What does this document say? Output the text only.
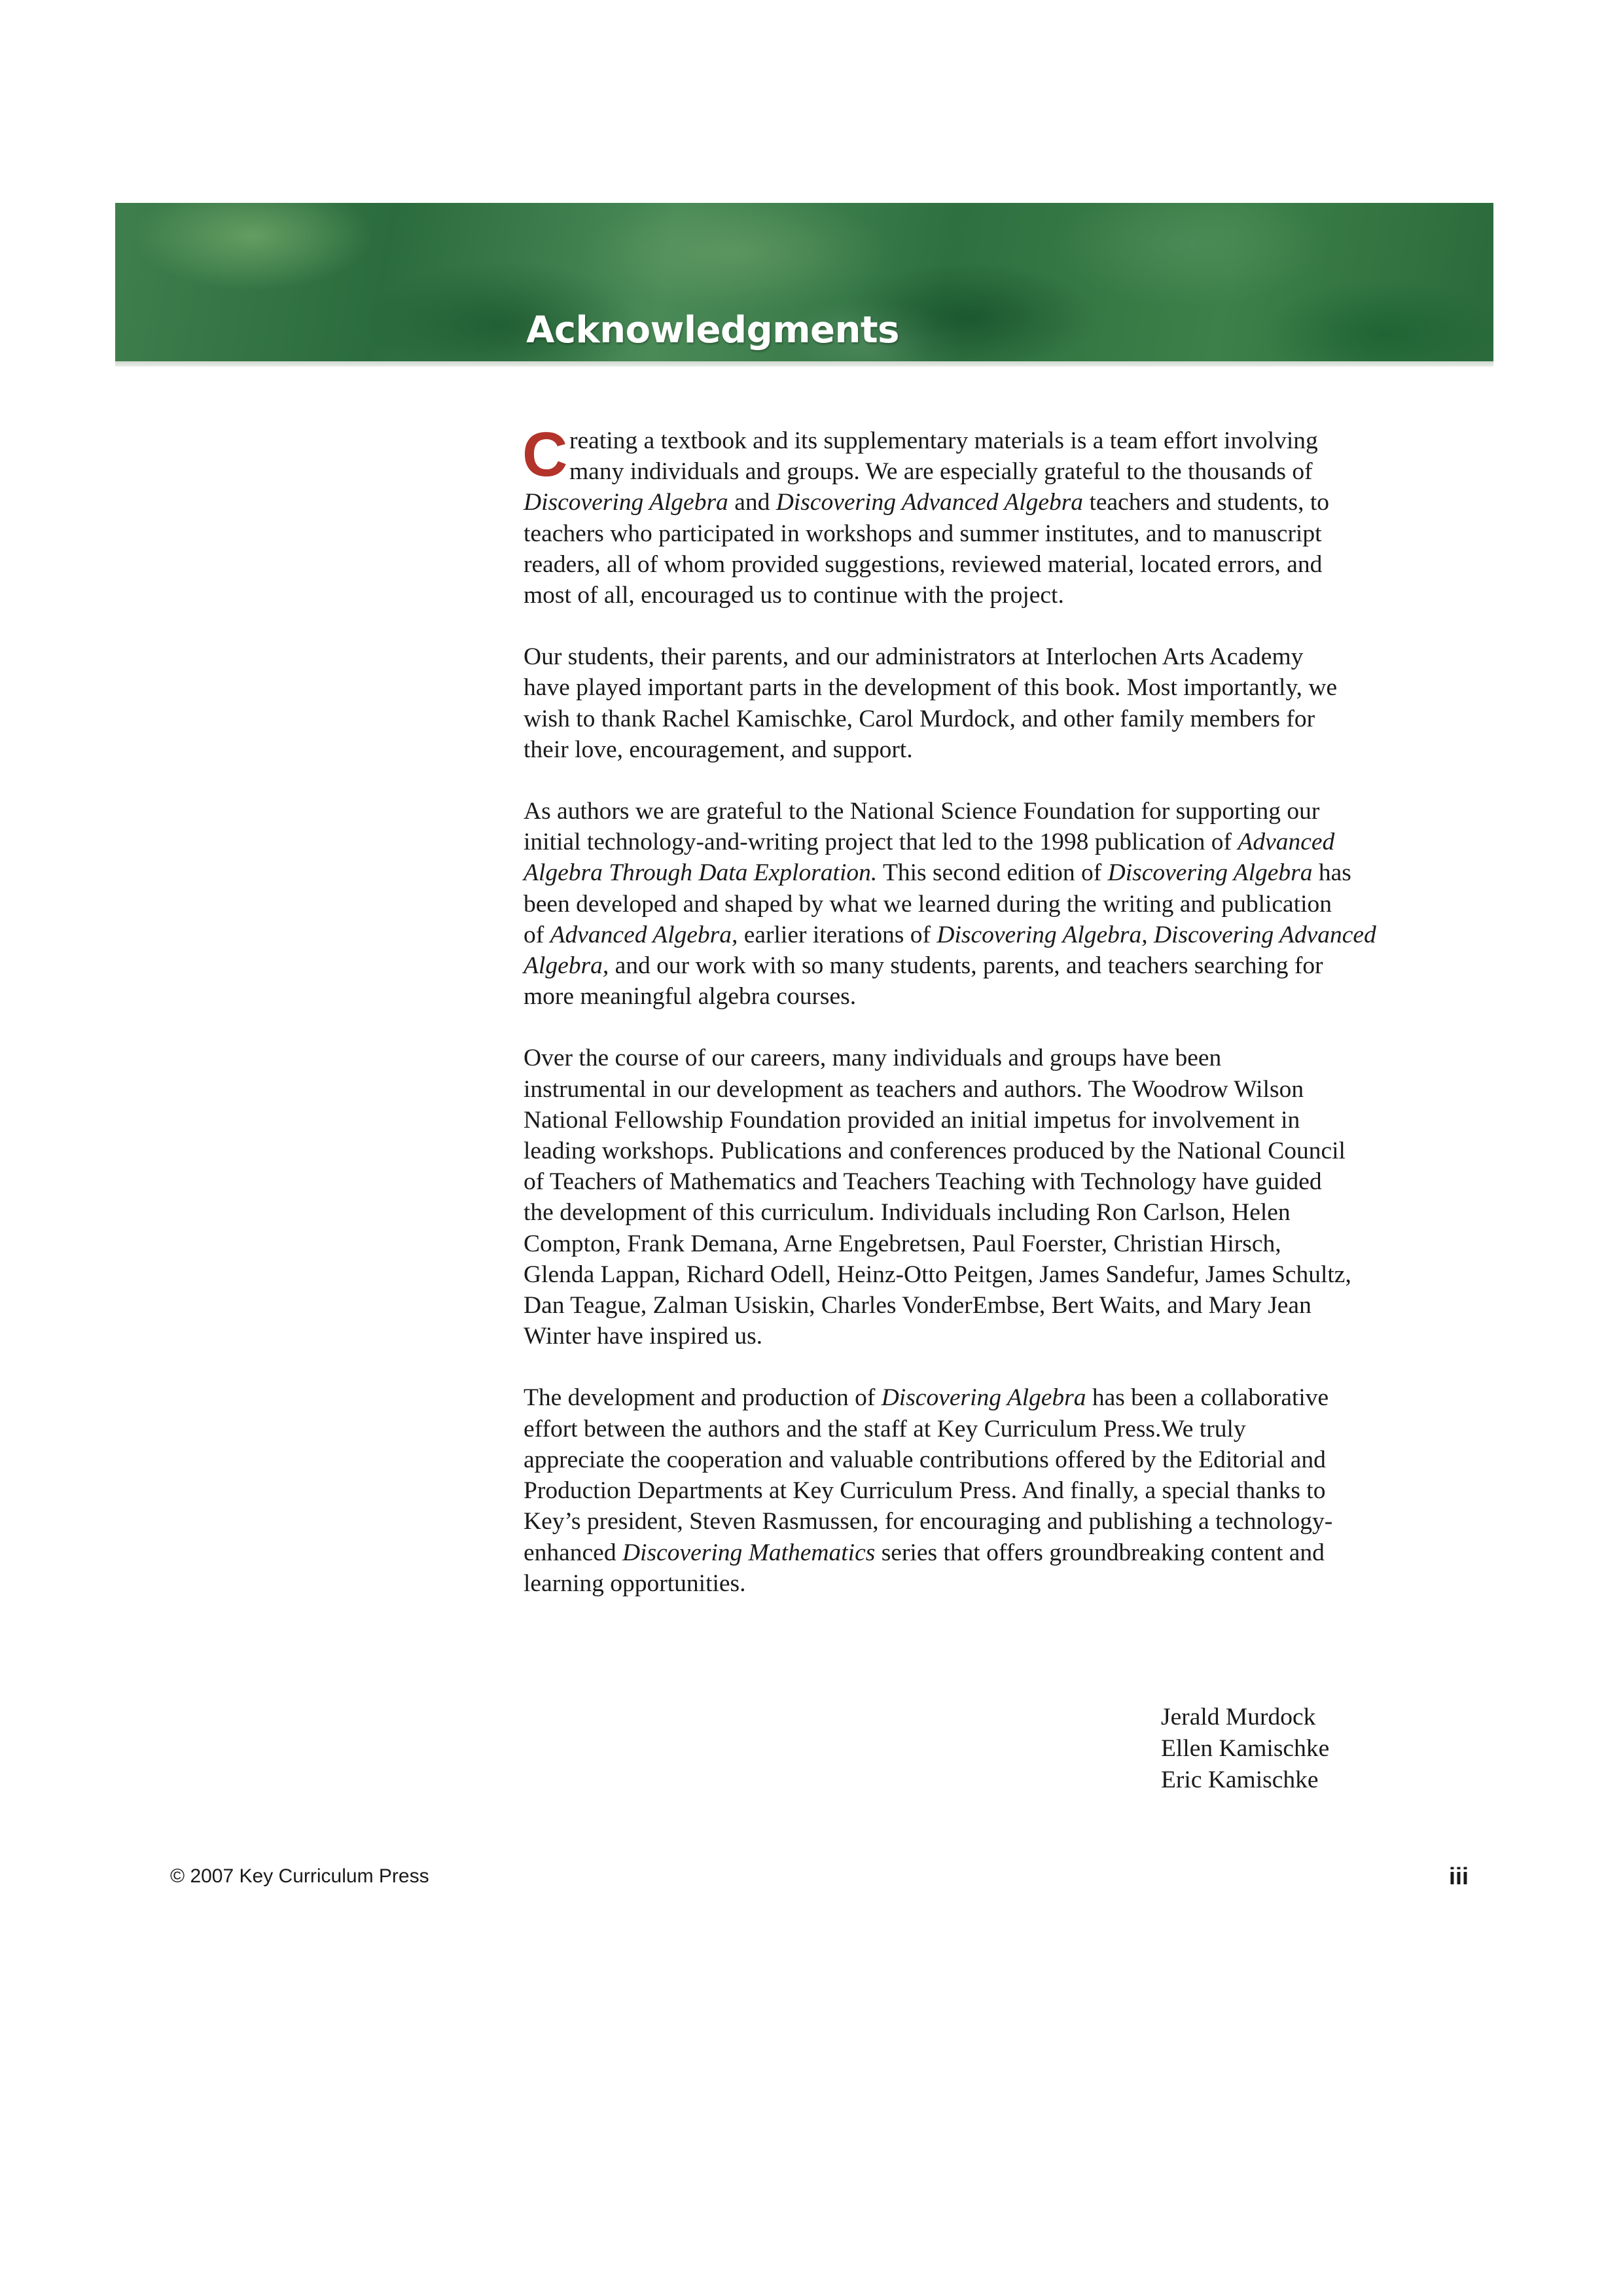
Acknowledgments
C reating a textbook and its supplementary materials is a team effort involving
many individuals and groups. We are especially grateful to the thousands of
Discovering Algebra and Discovering Advanced Algebra teachers and students, to
teachers who participated in workshops and summer institutes, and to manuscript
readers, all of whom provided suggestions, reviewed material, located errors, and
most of all, encouraged us to continue with the project.
Our students, their parents, and our administrators at Interlochen Arts Academy
have played important parts in the development of this book. Most importantly, we
wish to thank Rachel Kamischke, Carol Murdock, and other family members for
their love, encouragement, and support.
As authors we are grateful to the National Science Foundation for supporting our
initial technology-and-writing project that led to the 1998 publication of Advanced
Algebra Through Data Exploration. This second edition of Discovering Algebra has
been developed and shaped by what we learned during the writing and publication
of Advanced Algebra, earlier iterations of Discovering Algebra, Discovering Advanced
Algebra, and our work with so many students, parents, and teachers searching for
more meaningful algebra courses.
Over the course of our careers, many individuals and groups have been
instrumental in our development as teachers and authors. The Woodrow Wilson
National Fellowship Foundation provided an initial impetus for involvement in
leading workshops. Publications and conferences produced by the National Council
of Teachers of Mathematics and Teachers Teaching with Technology have guided
the development of this curriculum. Individuals including Ron Carlson, Helen
Compton, Frank Demana, Arne Engebretsen, Paul Foerster, Christian Hirsch,
Glenda Lappan, Richard Odell, Heinz-Otto Peitgen, James Sandefur, James Schultz,
Dan Teague, Zalman Usiskin, Charles VonderEmbse, Bert Waits, and Mary Jean
Winter have inspired us.
The development and production of Discovering Algebra has been a collaborative
effort between the authors and the staff at Key Curriculum Press.We truly
appreciate the cooperation and valuable contributions offered by the Editorial and
Production Departments at Key Curriculum Press. And finally, a special thanks to
Key’s president, Steven Rasmussen, for encouraging and publishing a technology-
enhanced Discovering Mathematics series that offers groundbreaking content and
learning opportunities.
Jerald Murdock
Ellen Kamischke
Eric Kamischke
© 2007 Key Curriculum Press	iii
